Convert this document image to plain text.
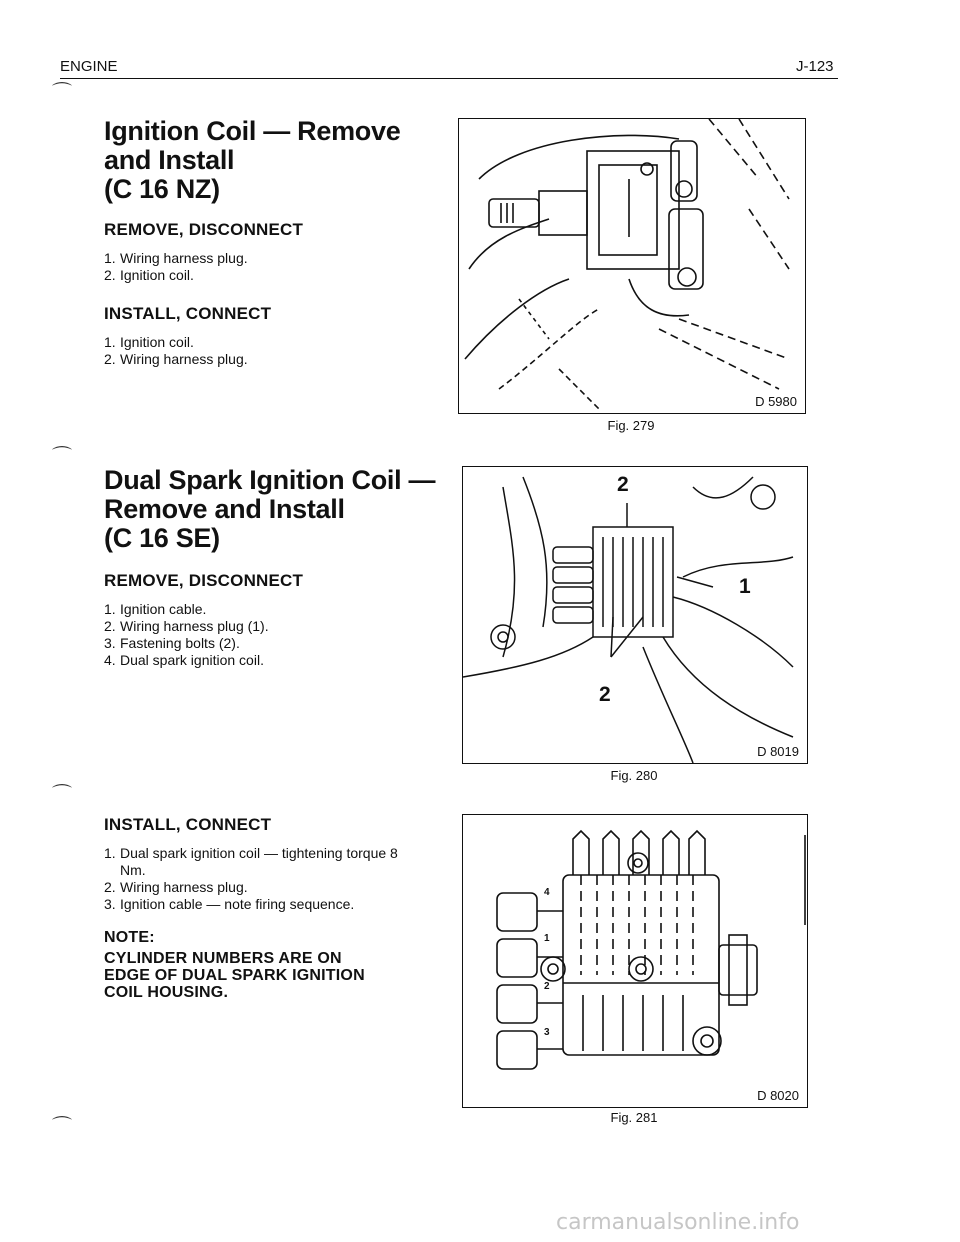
ENGINE	J-123
⌒
⌒
⌒
⌒
Ignition Coil — Remove
and Install
(C 16 NZ)
REMOVE, DISCONNECT
1. Wiring harness plug.
2. Ignition coil.
INSTALL, CONNECT
1. Ignition coil.
2. Wiring harness plug.
Dual Spark Ignition Coil —
Remove and Install
(C 16 SE)
REMOVE, DISCONNECT
1. Ignition cable.
2. Wiring harness plug (1).
3. Fastening bolts (2).
4. Dual spark ignition coil.
INSTALL, CONNECT
1. Dual spark ignition coil — tightening torque 8 Nm.
2. Wiring harness plug.
3. Ignition cable — note firing sequence.
NOTE:
CYLINDER NUMBERS ARE ON
EDGE OF DUAL SPARK IGNITION
COIL HOUSING.
D 5980
Fig. 279
2
1
2
D 8019
Fig. 280
4
1
2
3
D 8020
Fig. 281
carmanualsonline.info
